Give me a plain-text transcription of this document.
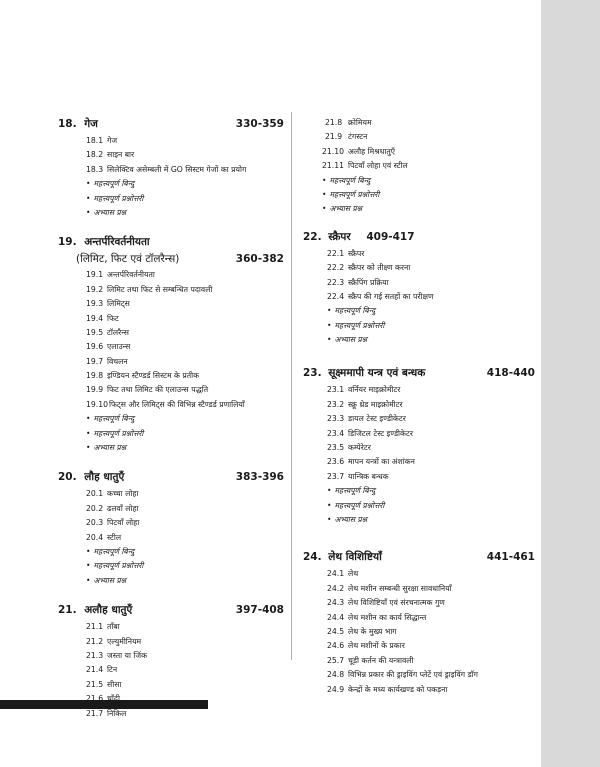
18. गेज	330-359
18.1 गेज
18.2 साइन बार
18.3 सिलेक्टिव असेम्बली में GO सिस्टम गेजों का प्रयोग
• महत्त्वपूर्ण बिन्दु
• महत्त्वपूर्ण प्रश्नोत्तरी
• अभ्यास प्रश्न
19. अन्तर्परिवर्तनीयता
(लिमिट, फिट एवं टॉलरैन्स)	360-382
19.1 अन्तर्परिवर्तनीयता
19.2 लिमिट तथा फिट से सम्बन्धित पदावली
19.3 लिमिट्स
19.4 फिट
19.5 टॉलरैन्स
19.6 एलाउन्स
19.7 विचलन
19.8 इण्डियन स्टैण्डर्ड सिस्टम के प्रतीक
19.9 फिट तथा लिमिट की एलाउन्स पद्धति
19.10 फिट्स और लिमिट्स की विभिन्न स्टैण्डर्ड प्रणालियाँ
• महत्त्वपूर्ण बिन्दु
• महत्त्वपूर्ण प्रश्नोत्तरी
• अभ्यास प्रश्न
20. लौह धातुएँ	383-396
20.1 कच्चा लोहा
20.2 ढलवाँ लोहा
20.3 पिटवाँ लोहा
20.4 स्टील
• महत्त्वपूर्ण बिन्दु
• महत्त्वपूर्ण प्रश्नोत्तरी
• अभ्यास प्रश्न
21. अलौह धातुएँ	397-408
21.1 ताँबा
21.2 एल्युमीनियम
21.3 जस्ता या जिंक
21.4 टिन
21.5 सीसा
21.6 चाँदी
21.7 निकिल
21.8 क्रोमियम
21.9 टंगस्टन
21.10 अलौह मिश्रधातुएँ
21.11 पिटवाँ लोहा एवं स्टील
• महत्त्वपूर्ण बिन्दु
• महत्त्वपूर्ण प्रश्नोत्तरी
• अभ्यास प्रश्न
22. स्क्रैपर 409-417
22.1 स्क्रैपर
22.2 स्क्रैपर को तीक्ष्ण करना
22.3 स्क्रैपिंग प्रक्रिया
22.4 स्क्रैप की गई सतहों का परीक्षण
• महत्त्वपूर्ण बिन्दु
• महत्त्वपूर्ण प्रश्नोत्तरी
• अभ्यास प्रश्न
23. सूक्ष्ममापी यन्त्र एवं बन्धक	418-440
23.1 वर्नियर माइक्रोमीटर
23.2 स्क्रू थ्रेड माइक्रोमीटर
23.3 डायल टेस्ट इण्डीकेटर
23.4 डिजिटल टेस्ट इण्डीकेटर
23.5 कम्पेरेटर
23.6 मापन यन्त्रों का अंशांकन
23.7 यान्त्रिक बन्धक
• महत्त्वपूर्ण बिन्दु
• महत्त्वपूर्ण प्रश्नोत्तरी
• अभ्यास प्रश्न
24. लेथ विशिष्टियाँ	441-461
24.1 लेथ
24.2 लेथ मशीन सम्बन्धी सुरक्षा सावधानियाँ
24.3 लेथ विशिष्टियाँ एवं संरचनात्मक गुण
24.4 लेथ मशीन का कार्य सिद्धान्त
24.5 लेथ के मुख्य भाग
24.6 लेथ मशीनों के प्रकार
25.7 चूड़ी कर्तन की यन्त्रावली
24.8 विभिन्न प्रकार की ड्राइविंग प्लेटें एवं ड्राइविंग डॉग
24.9 केन्द्रों के मध्य कार्यखण्ड को पकड़ना
